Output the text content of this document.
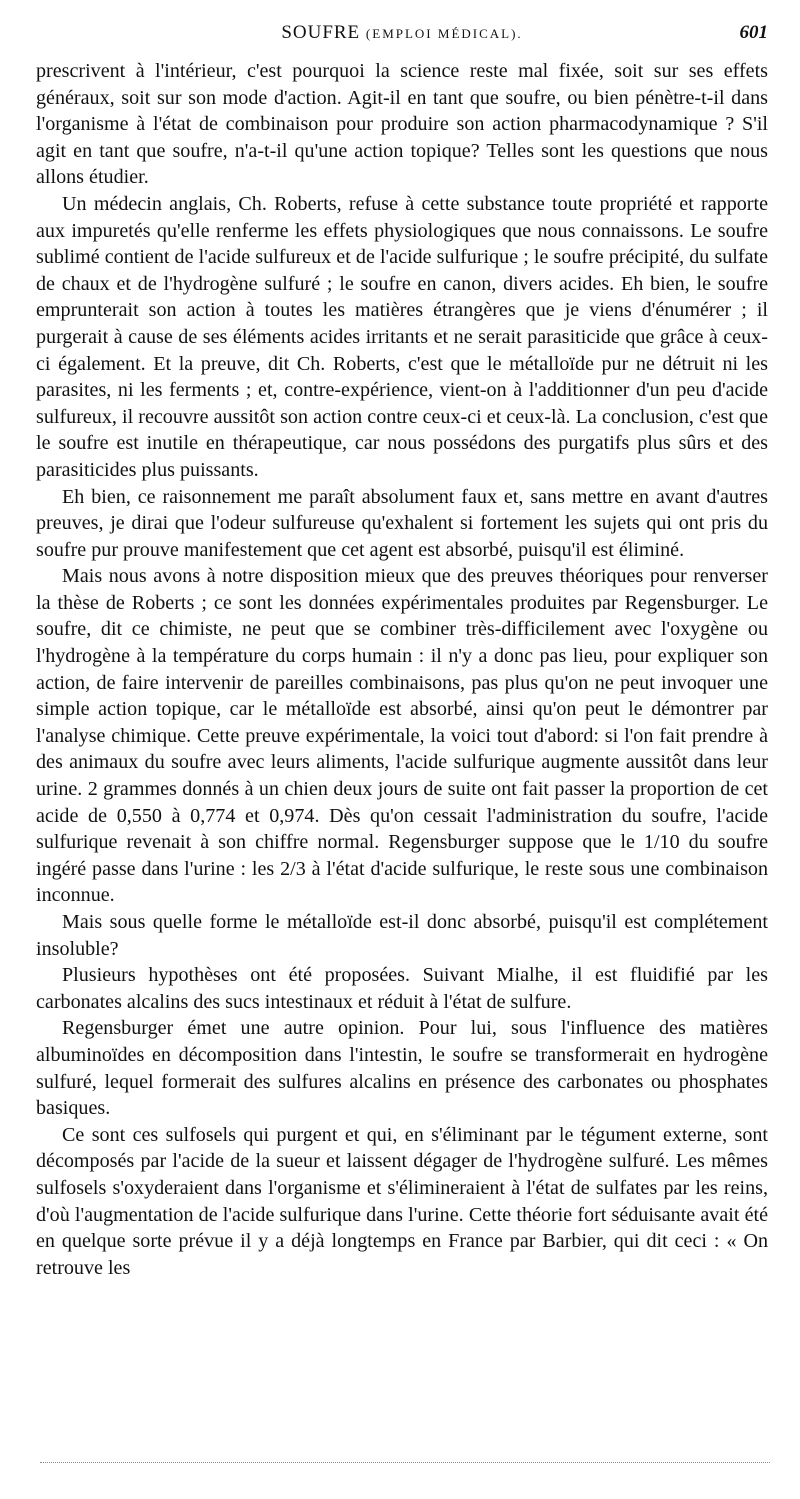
SOUFRE (EMPLOI MÉDICAL).	601

prescrivent à l'intérieur, c'est pourquoi la science reste mal fixée, soit sur ses effets généraux, soit sur son mode d'action. Agit-il en tant que soufre, ou bien pénètre-t-il dans l'organisme à l'état de combinaison pour produire son action pharmacodynamique ? S'il agit en tant que soufre, n'a-t-il qu'une action topique? Telles sont les questions que nous allons étudier.

Un médecin anglais, Ch. Roberts, refuse à cette substance toute propriété et rapporte aux impuretés qu'elle renferme les effets physiologiques que nous connaissons. Le soufre sublimé contient de l'acide sulfureux et de l'acide sulfurique ; le soufre précipité, du sulfate de chaux et de l'hydrogène sulfuré ; le soufre en canon, divers acides. Eh bien, le soufre emprunterait son action à toutes les matières étrangères que je viens d'énumérer ; il purgerait à cause de ses éléments acides irritants et ne serait parasiticide que grâce à ceux-ci également. Et la preuve, dit Ch. Roberts, c'est que le métalloïde pur ne détruit ni les parasites, ni les ferments ; et, contre-expérience, vient-on à l'additionner d'un peu d'acide sulfureux, il recouvre aussitôt son action contre ceux-ci et ceux-là. La conclusion, c'est que le soufre est inutile en thérapeutique, car nous possédons des purgatifs plus sûrs et des parasiticides plus puissants.

Eh bien, ce raisonnement me paraît absolument faux et, sans mettre en avant d'autres preuves, je dirai que l'odeur sulfureuse qu'exhalent si fortement les sujets qui ont pris du soufre pur prouve manifestement que cet agent est absorbé, puisqu'il est éliminé.

Mais nous avons à notre disposition mieux que des preuves théoriques pour renverser la thèse de Roberts ; ce sont les données expérimentales produites par Regensburger. Le soufre, dit ce chimiste, ne peut que se combiner très-difficilement avec l'oxygène ou l'hydrogène à la température du corps humain : il n'y a donc pas lieu, pour expliquer son action, de faire intervenir de pareilles combinaisons, pas plus qu'on ne peut invoquer une simple action topique, car le métalloïde est absorbé, ainsi qu'on peut le démontrer par l'analyse chimique. Cette preuve expérimentale, la voici tout d'abord: si l'on fait prendre à des animaux du soufre avec leurs aliments, l'acide sulfurique augmente aussitôt dans leur urine. 2 grammes donnés à un chien deux jours de suite ont fait passer la proportion de cet acide de 0,550 à 0,774 et 0,974. Dès qu'on cessait l'administration du soufre, l'acide sulfurique revenait à son chiffre normal. Regensburger suppose que le 1/10 du soufre ingéré passe dans l'urine : les 2/3 à l'état d'acide sulfurique, le reste sous une combinaison inconnue.

Mais sous quelle forme le métalloïde est-il donc absorbé, puisqu'il est complétement insoluble?

Plusieurs hypothèses ont été proposées. Suivant Mialhe, il est fluidifié par les carbonates alcalins des sucs intestinaux et réduit à l'état de sulfure.

Regensburger émet une autre opinion. Pour lui, sous l'influence des matières albuminoïdes en décomposition dans l'intestin, le soufre se transformerait en hydrogène sulfuré, lequel formerait des sulfures alcalins en présence des carbonates ou phosphates basiques.

Ce sont ces sulfosels qui purgent et qui, en s'éliminant par le tégument externe, sont décomposés par l'acide de la sueur et laissent dégager de l'hydrogène sulfuré. Les mêmes sulfosels s'oxyderaient dans l'organisme et s'élimineraient à l'état de sulfates par les reins, d'où l'augmentation de l'acide sulfurique dans l'urine. Cette théorie fort séduisante avait été en quelque sorte prévue il y a déjà longtemps en France par Barbier, qui dit ceci : « On retrouve les
